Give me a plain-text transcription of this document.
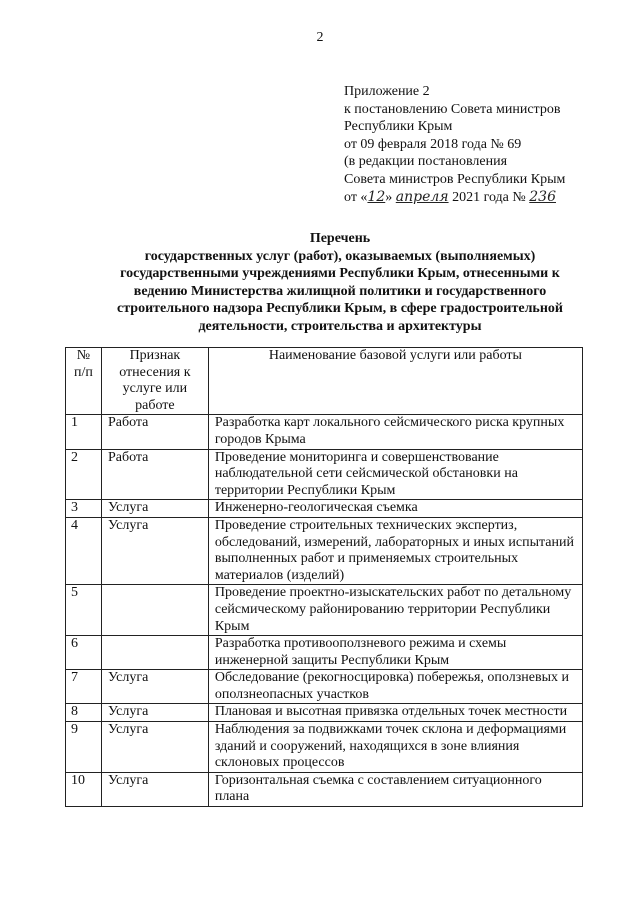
2
Приложение 2
к постановлению Совета министров
Республики Крым
от 09 февраля 2018 года № 69
(в редакции постановления
Совета министров Республики Крым
от «12» апреля 2021 года № 236
Перечень
государственных услуг (работ), оказываемых (выполняемых)
государственными учреждениями Республики Крым, отнесенными к
ведению Министерства жилищной политики и государственного
строительного надзора Республики Крым, в сфере градостроительной
деятельности, строительства и архитектуры
№ п/п	Признак отнесения к услуге или работе	Наименование базовой услуги или работы
1	Работа	Разработка карт локального сейсмического риска крупных городов Крыма
2	Работа	Проведение мониторинга и совершенствование наблюдательной сети сейсмической обстановки на территории Республики Крым
3	Услуга	Инженерно-геологическая съемка
4	Услуга	Проведение строительных технических экспертиз, обследований, измерений, лабораторных и иных испытаний выполненных работ и применяемых строительных материалов (изделий)
5		Проведение проектно-изыскательских работ по детальному сейсмическому районированию территории Республики Крым
6		Разработка противооползневого режима и схемы инженерной защиты Республики Крым
7	Услуга	Обследование (рекогносцировка) побережья, оползневых и оползнеопасных участков
8	Услуга	Плановая и высотная привязка отдельных точек местности
9	Услуга	Наблюдения за подвижками точек склона и деформациями зданий и сооружений, находящихся в зоне влияния склоновых процессов
10	Услуга	Горизонтальная съемка с составлением ситуационного плана
